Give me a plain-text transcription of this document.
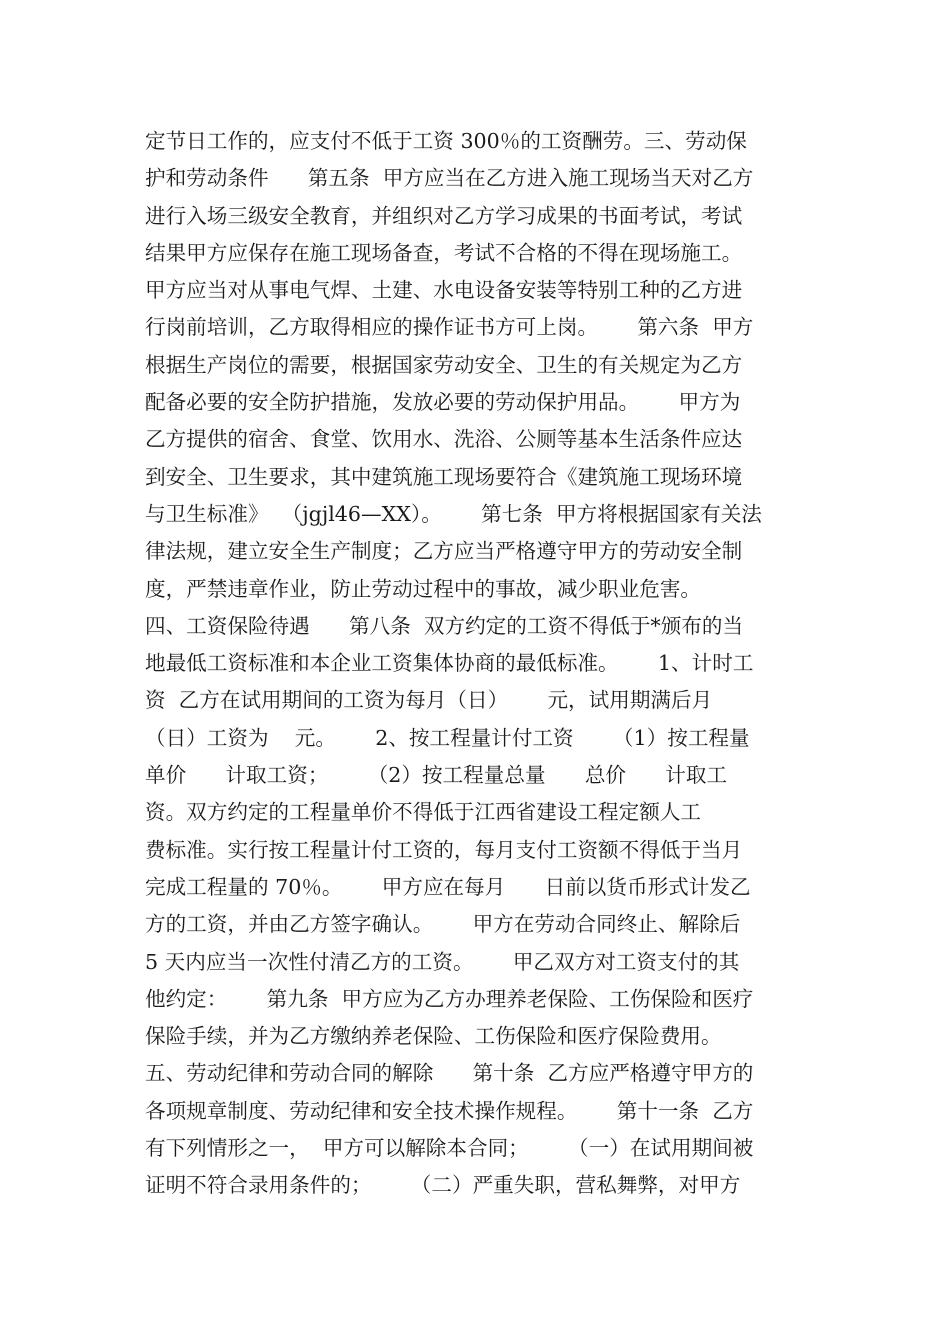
定节日工作的，应支付不低于工资 300％的工资酬劳。三、劳动保
护和劳动条件      第五条  甲方应当在乙方进入施工现场当天对乙方
进行入场三级安全教育，并组织对乙方学习成果的书面考试，考试
结果甲方应保存在施工现场备查，考试不合格的不得在现场施工。
甲方应当对从事电气焊、土建、水电设备安装等特别工种的乙方进
行岗前培训，乙方取得相应的操作证书方可上岗。      第六条  甲方
根据生产岗位的需要，根据国家劳动安全、卫生的有关规定为乙方
配备必要的安全防护措施，发放必要的劳动保护用品。      甲方为
乙方提供的宿舍、食堂、饮用水、洗浴、公厕等基本生活条件应达
到安全、卫生要求，其中建筑施工现场要符合《建筑施工现场环境
与卫生标准》  （jgjl46—XX）。      第七条  甲方将根据国家有关法
律法规，建立安全生产制度；乙方应当严格遵守甲方的劳动安全制
度，严禁违章作业，防止劳动过程中的事故，减少职业危害。
四、工资保险待遇      第八条  双方约定的工资不得低于*颁布的当
地最低工资标准和本企业工资集体协商的最低标准。      1、计时工
资  乙方在试用期间的工资为每月（日）      元，试用期满后月
（日）工资为    元。      2、按工程量计付工资      （1）按工程量
单价      计取工资；      （2）按工程量总量      总价      计取工
资。双方约定的工程量单价不得低于江西省建设工程定额人工
费标准。实行按工程量计付工资的，每月支付工资额不得低于当月
完成工程量的 70％。      甲方应在每月      日前以货币形式计发乙
方的工资，并由乙方签字确认。      甲方在劳动合同终止、解除后
5 天内应当一次性付清乙方的工资。      甲乙双方对工资支付的其
他约定：      第九条  甲方应为乙方办理养老保险、工伤保险和医疗
保险手续，并为乙方缴纳养老保险、工伤保险和医疗保险费用。
五、劳动纪律和劳动合同的解除      第十条  乙方应严格遵守甲方的
各项规章制度、劳动纪律和安全技术操作规程。      第十一条  乙方
有下列情形之一，  甲方可以解除本合同；      （一）在试用期间被
证明不符合录用条件的；      （二）严重失职，营私舞弊，对甲方
